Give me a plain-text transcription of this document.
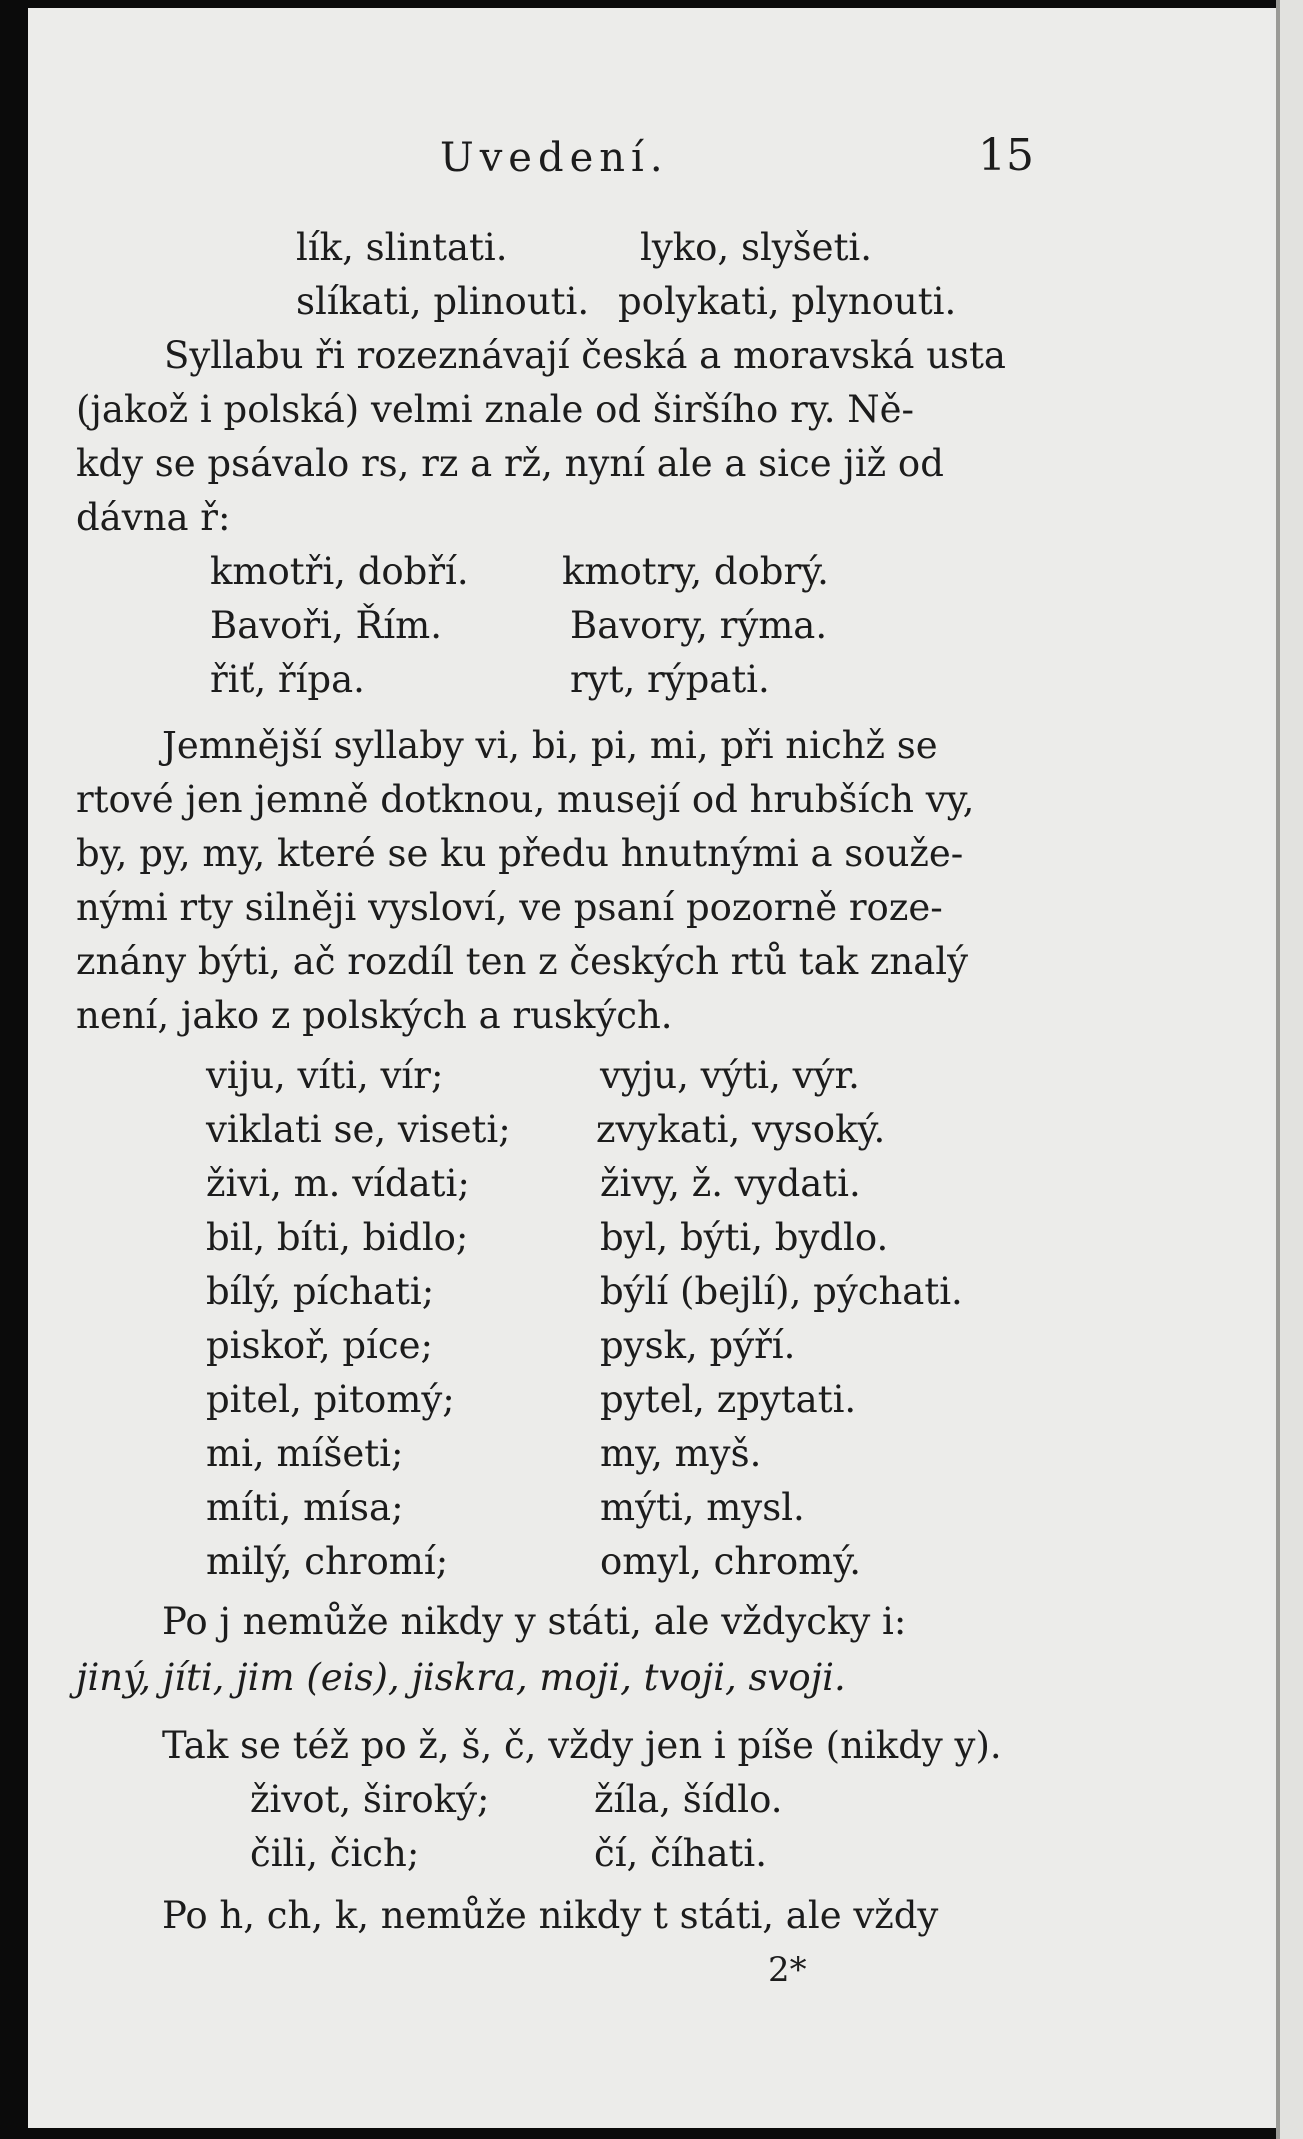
Uvedení.	15
lík, slintati.	lyko, slyšeti.
slíkati, plinouti. polykati, plynouti.
Syllabu ři rozeznávají česká a moravská usta
(jakož i polská) velmi znale od širšího ry. Ně-
kdy se psávalo rs, rz a rž, nyní ale a sice již od
dávna ř:
kmotři, dobří.	kmotry, dobrý.
Bavoři, Řím.	Bavory, rýma.
řiť, řípa.	ryt, rýpati.
Jemnější syllaby vi, bi, pi, mi, při nichž se
rtové jen jemně dotknou, musejí od hrubších vy,
by, py, my, které se ku předu hnutnými a souže-
nými rty silněji vysloví, ve psaní pozorně roze-
znány býti, ač rozdíl ten z českých rtů tak znalý
není, jako z polských a ruských.
viju, víti, vír;	vyju, výti, výr.
viklati se, viseti; zvykati, vysoký.
živi, m. vídati;	živy, ž. vydati.
bil, bíti, bidlo;	byl, býti, bydlo.
bílý, píchati;	býlí (bejlí), pýchati.
piskoř, píce;	pysk, pýří.
pitel, pitomý;	pytel, zpytati.
mi, míšeti;	my, myš.
míti, mísa;	mýti, mysl.
milý, chromí;	omyl, chromý.
Po j nemůže nikdy y státi, ale vždycky i:
jiný, jíti, jim (eis), jiskra, moji, tvoji, svoji.
Tak se též po ž, š, č, vždy jen i píše (nikdy y).
život, široký;	žíla, šídlo.
čili, čich;	čí, číhati.
Po h, ch, k, nemůže nikdy t státi, ale vždy
2*
